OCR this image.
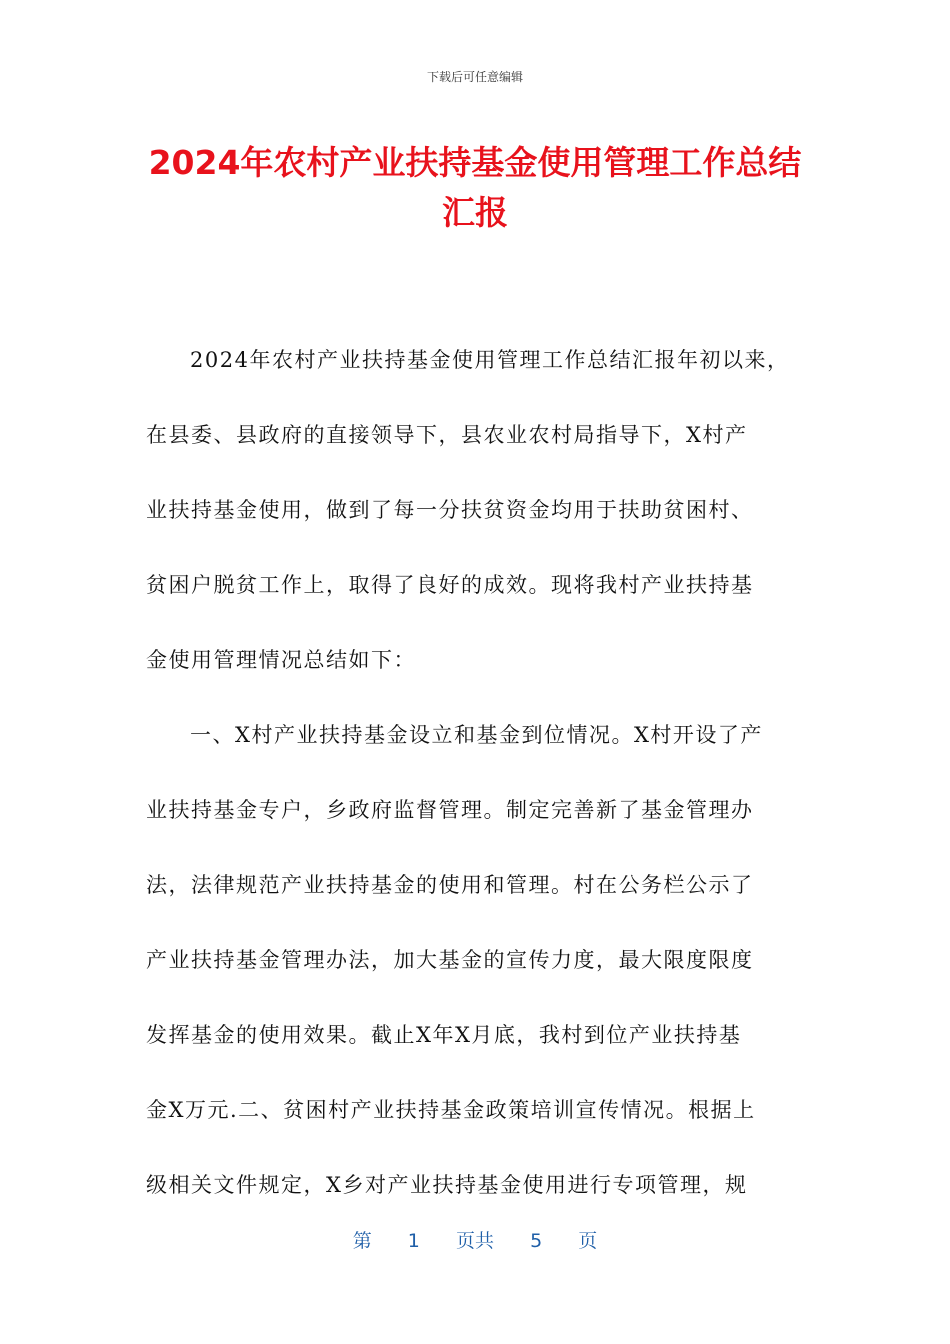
下载后可任意编辑
2024年农村产业扶持基金使用管理工作总结
汇报
2024年农村产业扶持基金使用管理工作总结汇报年初以来，
在县委、县政府的直接领导下，县农业农村局指导下，X村产
业扶持基金使用，做到了每一分扶贫资金均用于扶助贫困村、
贫困户脱贫工作上，取得了良好的成效。现将我村产业扶持基
金使用管理情况总结如下：
一、X村产业扶持基金设立和基金到位情况。X村开设了产
业扶持基金专户，乡政府监督管理。制定完善新了基金管理办
法，法律规范产业扶持基金的使用和管理。村在公务栏公示了
产业扶持基金管理办法，加大基金的宣传力度，最大限度限度
发挥基金的使用效果。截止X年X月底，我村到位产业扶持基
金X万元.二、贫困村产业扶持基金政策培训宣传情况。根据上
级相关文件规定，X乡对产业扶持基金使用进行专项管理，规
第 1 页共 5 页
